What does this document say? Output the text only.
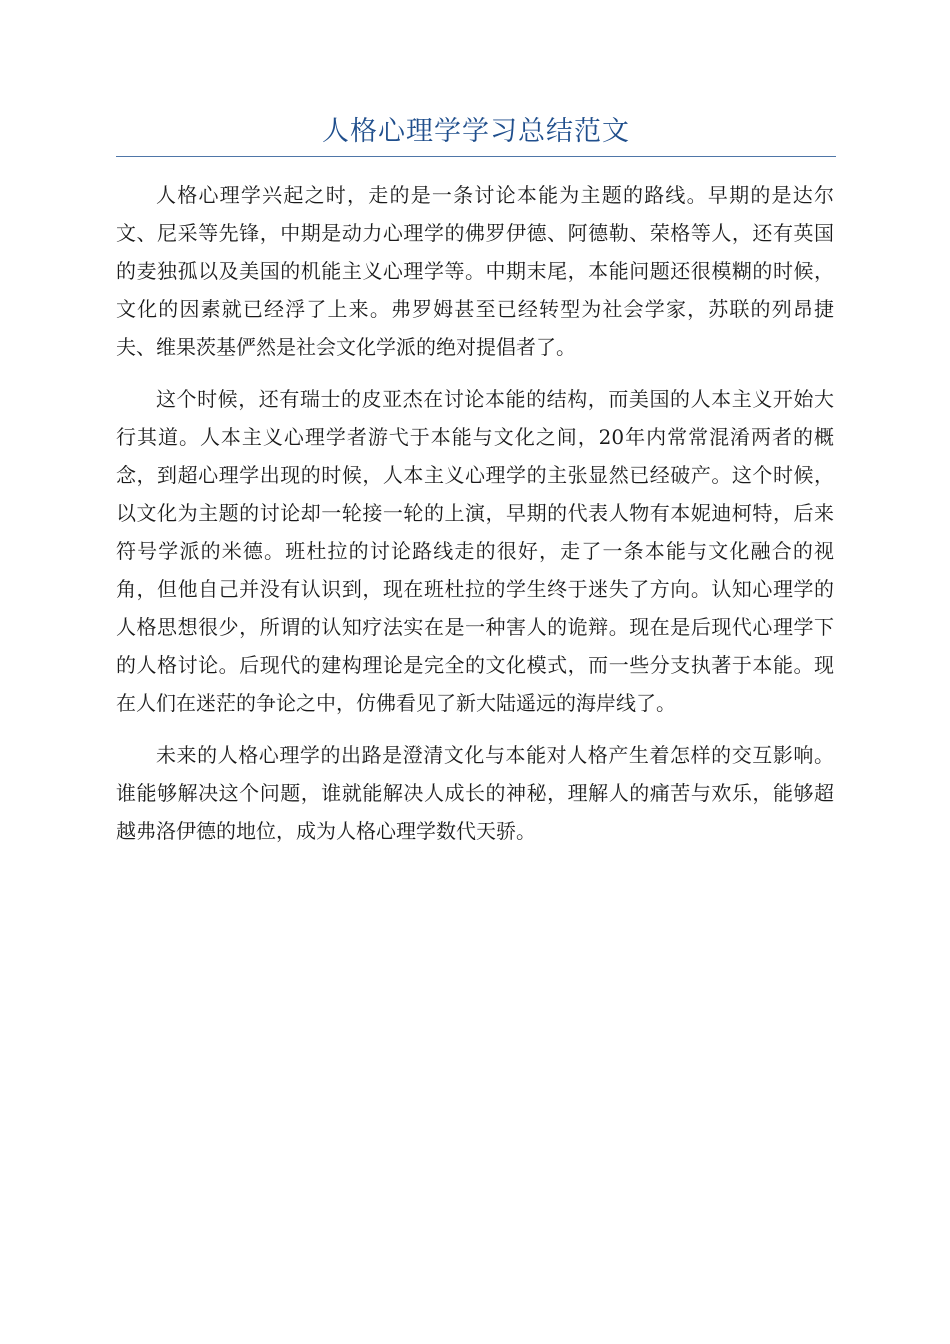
人格心理学学习总结范文

人格心理学兴起之时，走的是一条讨论本能为主题的路线。早期的是达尔文、尼采等先锋，中期是动力心理学的佛罗伊德、阿德勒、荣格等人，还有英国的麦独孤以及美国的机能主义心理学等。中期末尾，本能问题还很模糊的时候，文化的因素就已经浮了上来。弗罗姆甚至已经转型为社会学家，苏联的列昂捷夫、维果茨基俨然是社会文化学派的绝对提倡者了。

这个时候，还有瑞士的皮亚杰在讨论本能的结构，而美国的人本主义开始大行其道。人本主义心理学者游弋于本能与文化之间，20年内常常混淆两者的概念，到超心理学出现的时候，人本主义心理学的主张显然已经破产。这个时候，以文化为主题的讨论却一轮接一轮的上演，早期的代表人物有本妮迪柯特，后来符号学派的米德。班杜拉的讨论路线走的很好，走了一条本能与文化融合的视角，但他自己并没有认识到，现在班杜拉的学生终于迷失了方向。认知心理学的人格思想很少，所谓的认知疗法实在是一种害人的诡辩。现在是后现代心理学下的人格讨论。后现代的建构理论是完全的文化模式，而一些分支执著于本能。现在人们在迷茫的争论之中，仿佛看见了新大陆遥远的海岸线了。

未来的人格心理学的出路是澄清文化与本能对人格产生着怎样的交互影响。谁能够解决这个问题，谁就能解决人成长的神秘，理解人的痛苦与欢乐，能够超越弗洛伊德的地位，成为人格心理学数代天骄。
